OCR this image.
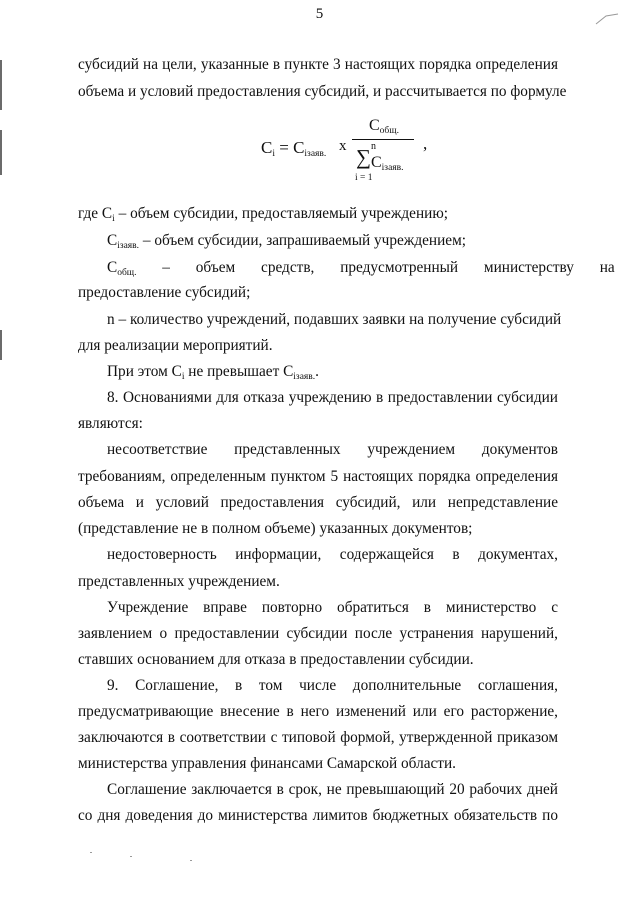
5
субсидий на цели, указанные в пункте 3 настоящих порядка определения
объема и условий предоставления субсидий, и рассчитывается по формуле
$C_i = C_{iзаяв.}$ x
$C_{общ.}$
n
∑ $C_{iзаяв.}$
i = 1
,
где $C_i$ – объем субсидии, предоставляемый учреждению;
$C_{iзаяв.}$ – объем субсидии, запрашиваемый учреждением;
$C_{общ.}$ – объем средств, предусмотренный министерству на
предоставление субсидий;
n – количество учреждений, подавших заявки на получение субсидий
для реализации мероприятий.
При этом $C_i$ не превышает $C_{iзаяв.}$.
8. Основаниями для отказа учреждению в предоставлении субсидии
являются:
несоответствие представленных учреждением документов
требованиям, определенным пунктом 5 настоящих порядка определения
объема и условий предоставления субсидий, или непредставление
(представление не в полном объеме) указанных документов;
недостоверность информации, содержащейся в документах,
представленных учреждением.
Учреждение вправе повторно обратиться в министерство с
заявлением о предоставлении субсидии после устранения нарушений,
ставших основанием для отказа в предоставлении субсидии.
9. Соглашение, в том числе дополнительные соглашения,
предусматривающие внесение в него изменений или его расторжение,
заключаются в соответствии с типовой формой, утвержденной приказом
министерства управления финансами Самарской области.
Соглашение заключается в срок, не превышающий 20 рабочих дней
со дня доведения до министерства лимитов бюджетных обязательств по
